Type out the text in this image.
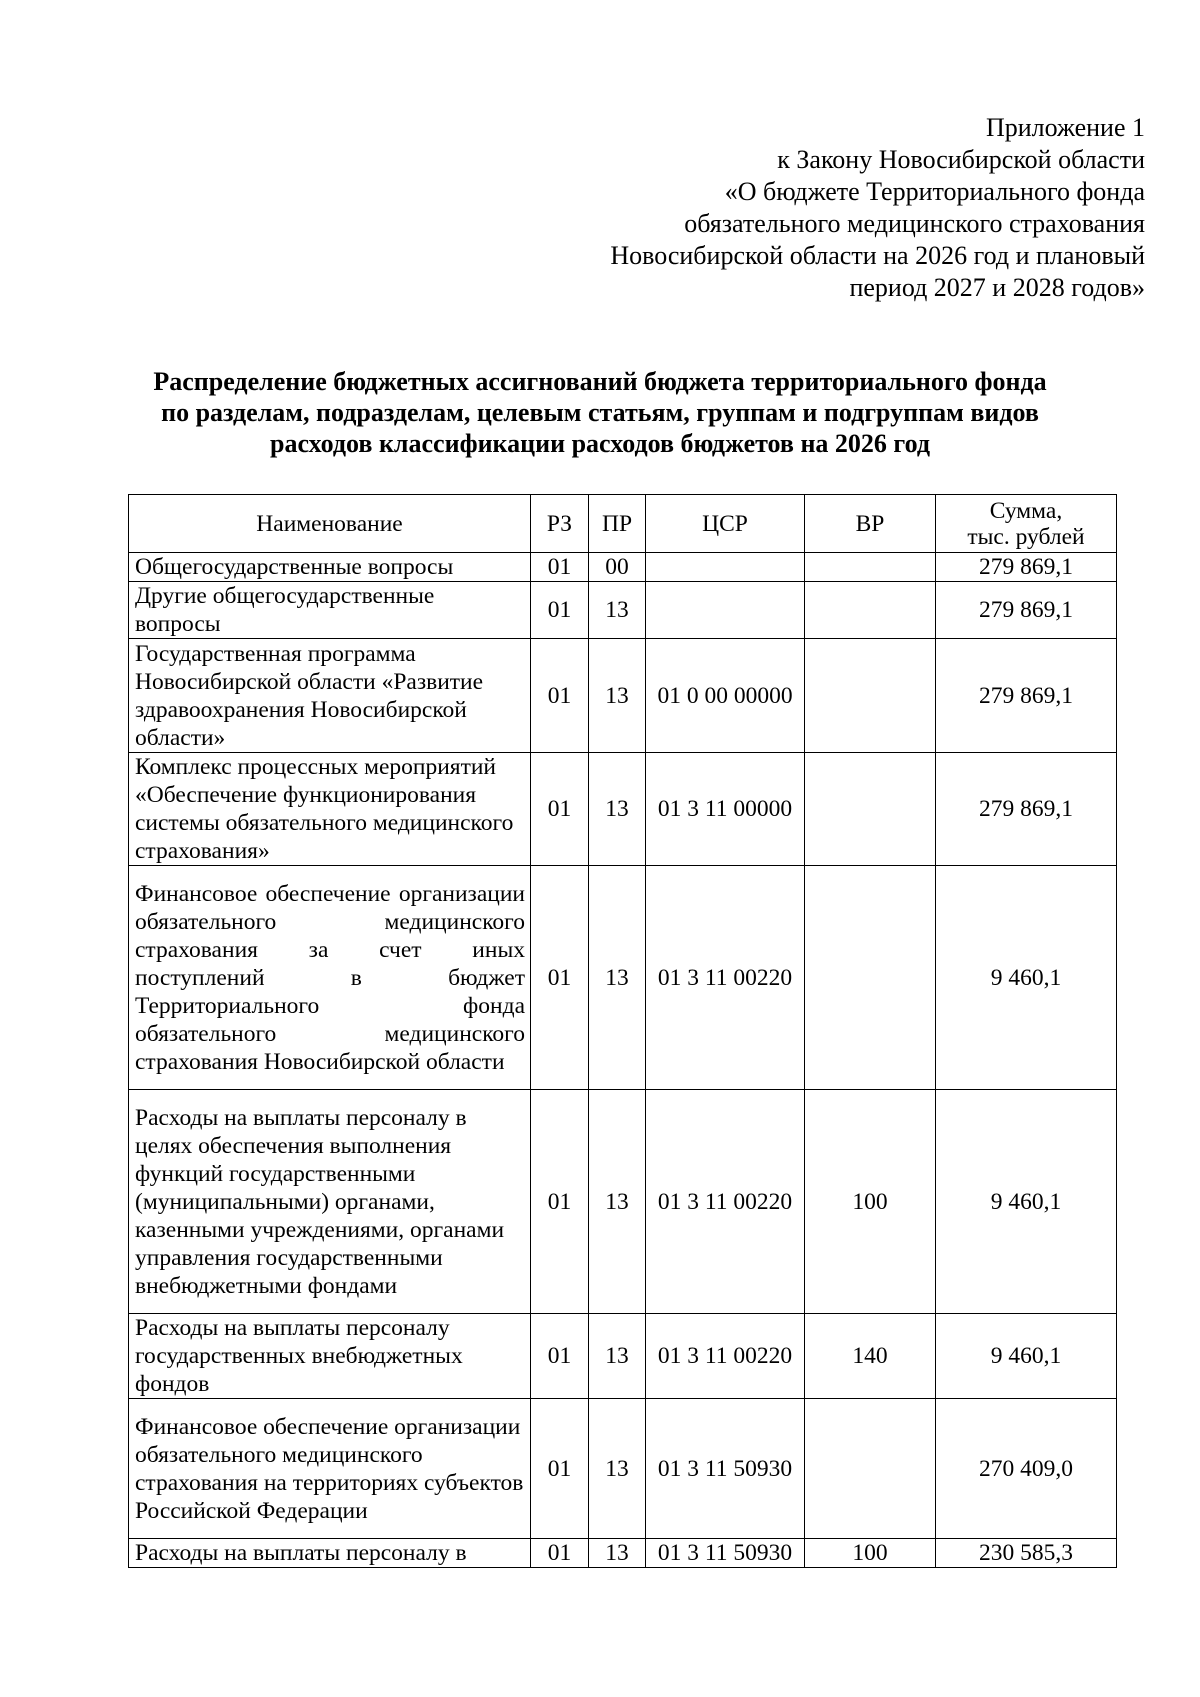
Приложение 1
к Закону Новосибирской области
«О бюджете Территориального фонда
обязательного медицинского страхования
Новосибирской области на 2026 год и плановый
период 2027 и 2028 годов»
Распределение бюджетных ассигнований бюджета территориального фонда
по разделам, подразделам, целевым статьям, группам и подгруппам видов
расходов классификации расходов бюджетов на 2026 год
Наименование	РЗ	ПР	ЦСР	ВР	Сумма,
тыс. рублей

Общегосударственные вопросы	01	00			279 869,1
Другие общегосударственные вопросы	01	13			279 869,1
Государственная программа Новосибирской области «Развитие здравоохранения Новосибирской области»	01	13	01 0 00 00000		279 869,1
Комплекс процессных мероприятий «Обеспечение функционирования системы обязательного медицинского страхования»	01	13	01 3 11 00000		279 869,1
Финансовое обеспечение организации обязательного медицинского страхования за счет иных поступлений в бюджет Территориального фонда обязательного медицинского страхования Новосибирской области	01	13	01 3 11 00220		9 460,1
Расходы на выплаты персоналу в целях обеспечения выполнения функций государственными (муниципальными) органами, казенными учреждениями, органами управления государственными внебюджетными фондами	01	13	01 3 11 00220	100	9 460,1
Расходы на выплаты персоналу государственных внебюджетных фондов	01	13	01 3 11 00220	140	9 460,1
Финансовое обеспечение организации обязательного медицинского страхования на территориях субъектов Российской Федерации	01	13	01 3 11 50930		270 409,0
Расходы на выплаты персоналу в	01	13	01 3 11 50930	100	230 585,3
